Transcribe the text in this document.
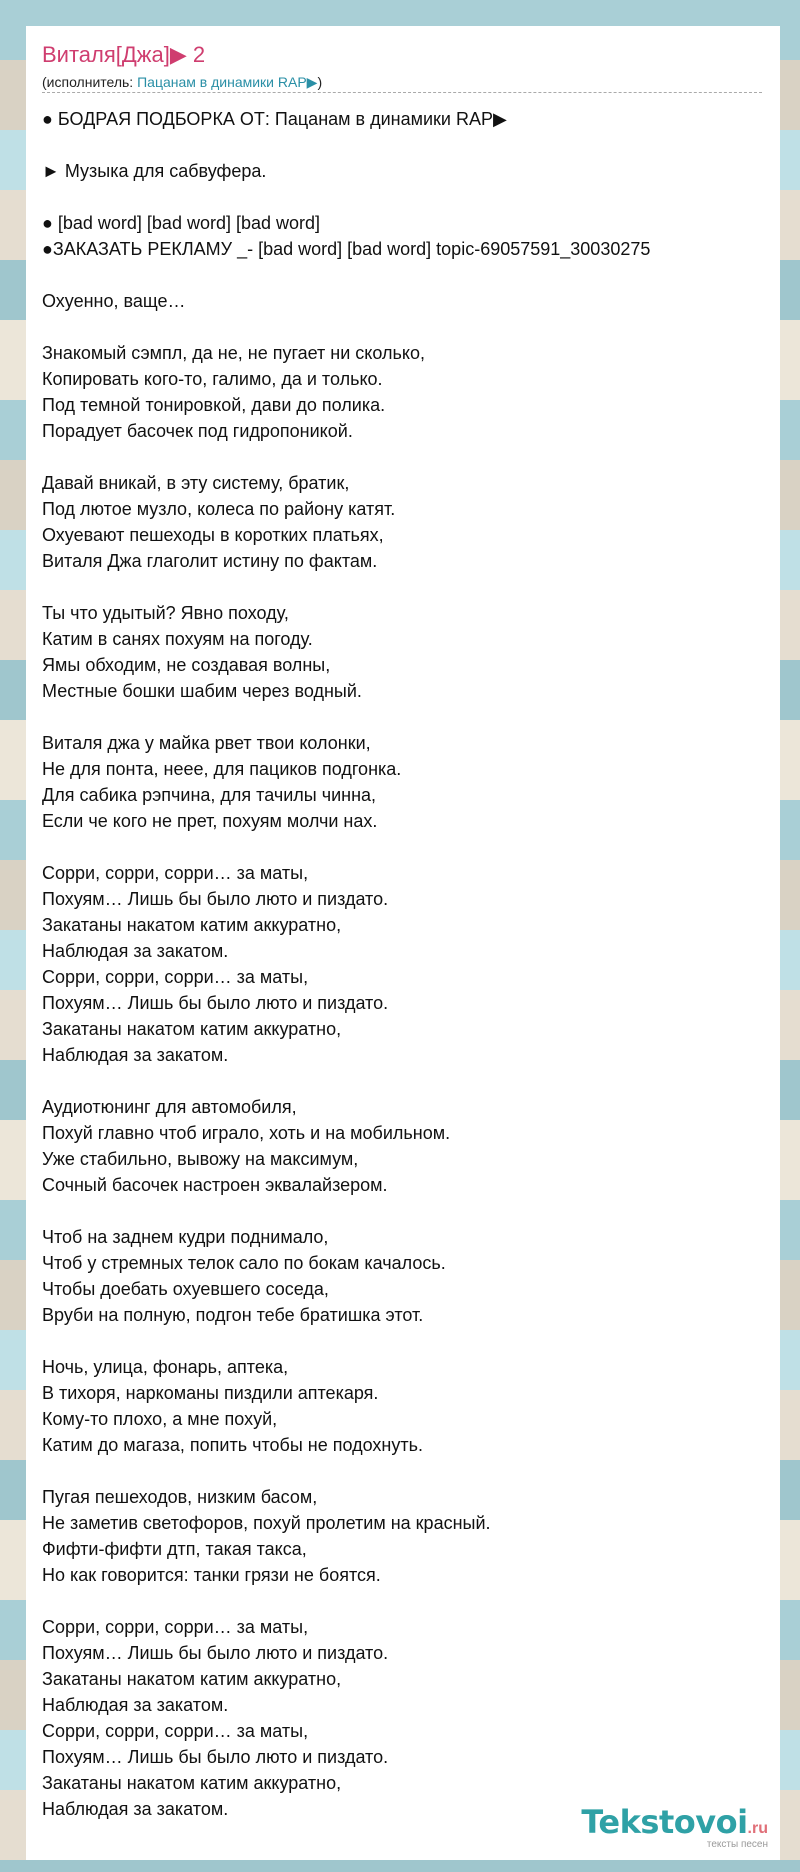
Виталя[Джа]▶ 2
(исполнитель: Пацанам в динамики RAP▶)
● БОДРАЯ ПОДБОРКА ОТ: Пацанам в динамики RAP▶
► Музыка для сабвуфера.
● [bad word] [bad word] [bad word]
●ЗАКАЗАТЬ РЕКЛАМУ _- [bad word] [bad word] topic-69057591_30030275
Охуенно, ваще…
Знакомый сэмпл, да не, не пугает ни сколько,
Копировать кого-то, галимо, да и только.
Под темной тонировкой, дави до полика.
Порадует басочек под гидропоникой.
Давай вникай, в эту систему, братик,
Под лютое музло, колеса по району катят.
Охуевают пешеходы в коротких платьях,
Виталя Джа глаголит истину по фактам.
Ты что удытый? Явно походу,
Катим в санях похуям на погоду.
Ямы обходим, не создавая волны,
Местные бошки шабим через водный.
Виталя джа у майка рвет твои колонки,
Не для понта, неее, для пациков подгонка.
Для сабика рэпчина, для тачилы чинна,
Если че кого не прет, похуям молчи нах.
Сорри, сорри, сорри… за маты,
Похуям… Лишь бы было люто и пиздато.
Закатаны накатом катим аккуратно,
Наблюдая за закатом.
Сорри, сорри, сорри… за маты,
Похуям… Лишь бы было люто и пиздато.
Закатаны накатом катим аккуратно,
Наблюдая за закатом.
Аудиотюнинг для автомобиля,
Похуй главно чтоб играло, хоть и на мобильном.
Уже стабильно, вывожу на максимум,
Сочный басочек настроен эквалайзером.
Чтоб на заднем кудри поднимало,
Чтоб у стремных телок сало по бокам качалось.
Чтобы доебать охуевшего соседа,
Вруби на полную, подгон тебе братишка этот.
Ночь, улица, фонарь, аптека,
В тихоря, наркоманы пиздили аптекаря.
Кому-то плохо, а мне похуй,
Катим до магаза, попить чтобы не подохнуть.
Пугая пешеходов, низким басом,
Не заметив светофоров, похуй пролетим на красный.
Фифти-фифти дтп, такая такса,
Но как говорится: танки грязи не боятся.
Сорри, сорри, сорри… за маты,
Похуям… Лишь бы было люто и пиздато.
Закатаны накатом катим аккуратно,
Наблюдая за закатом.
Сорри, сорри, сорри… за маты,
Похуям… Лишь бы было люто и пиздато.
Закатаны накатом катим аккуратно,
Наблюдая за закатом.	Tekstovoi.ru
тексты песен
